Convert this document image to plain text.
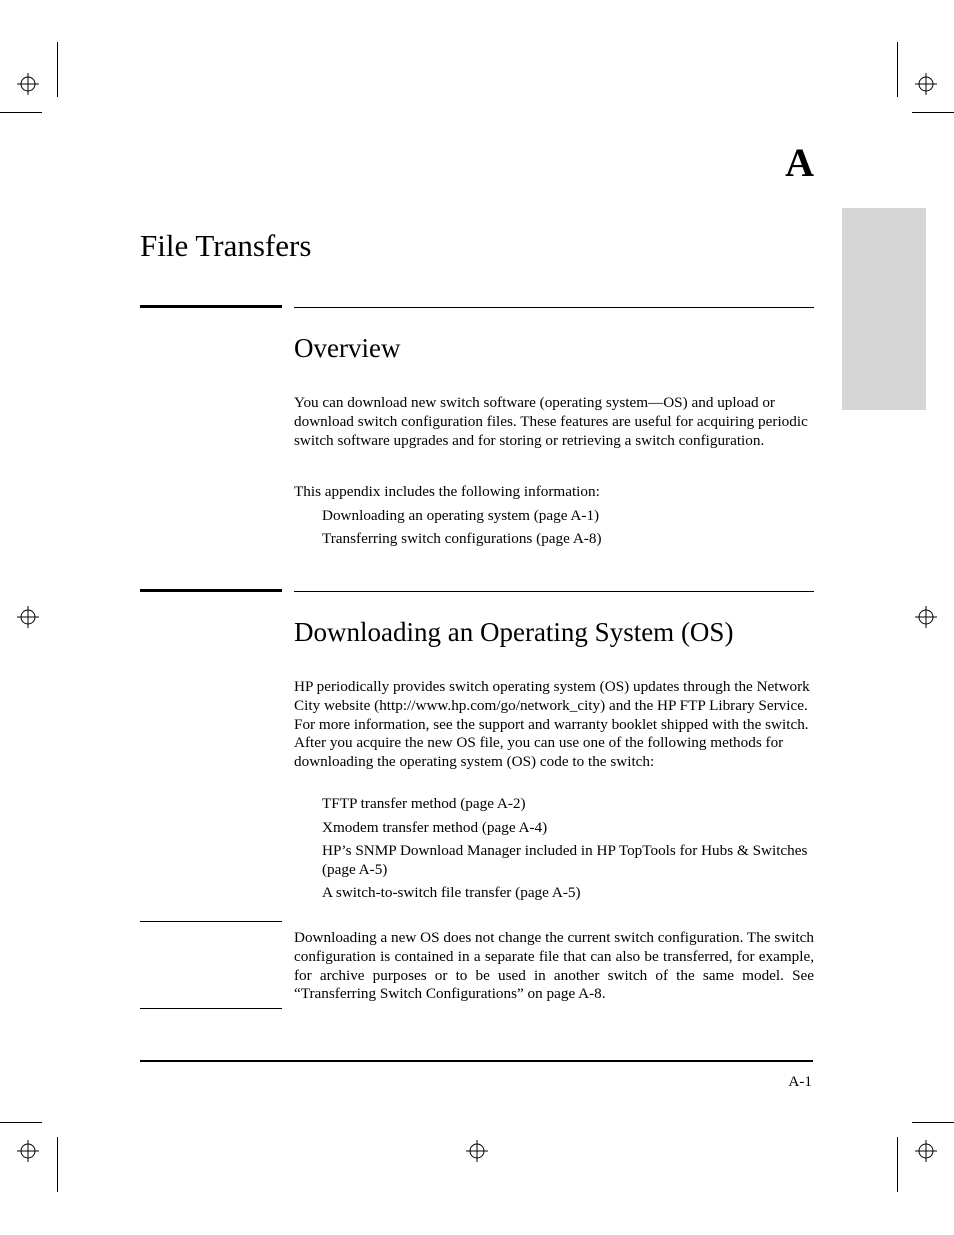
A
File Transfers
Overview

You can download new switch software (operating system—OS) and upload or download switch configuration files. These features are useful for acquiring periodic switch software upgrades and for storing or retrieving a switch configuration.

This appendix includes the following information:

Downloading an operating system (page A-1)
Transferring switch configurations (page A-8)
Downloading an Operating System (OS)

HP periodically provides switch operating system (OS) updates through the Network City website (http://www.hp.com/go/network_city) and the HP FTP Library Service. For more information, see the support and warranty booklet shipped with the switch. After you acquire the new OS file, you can use one of the following methods for downloading the operating system (OS) code to the switch:

TFTP transfer method (page A-2)
Xmodem transfer method (page A-4)
HP’s SNMP Download Manager included in HP TopTools for Hubs & Switches (page A-5)
A switch-to-switch file transfer (page A-5)

Downloading a new OS does not change the current switch configuration. The switch configuration is contained in a separate file that can also be transferred, for example, for archive purposes or to be used in another switch of the same model. See “Transferring Switch Configurations” on page A-8.

A-1
